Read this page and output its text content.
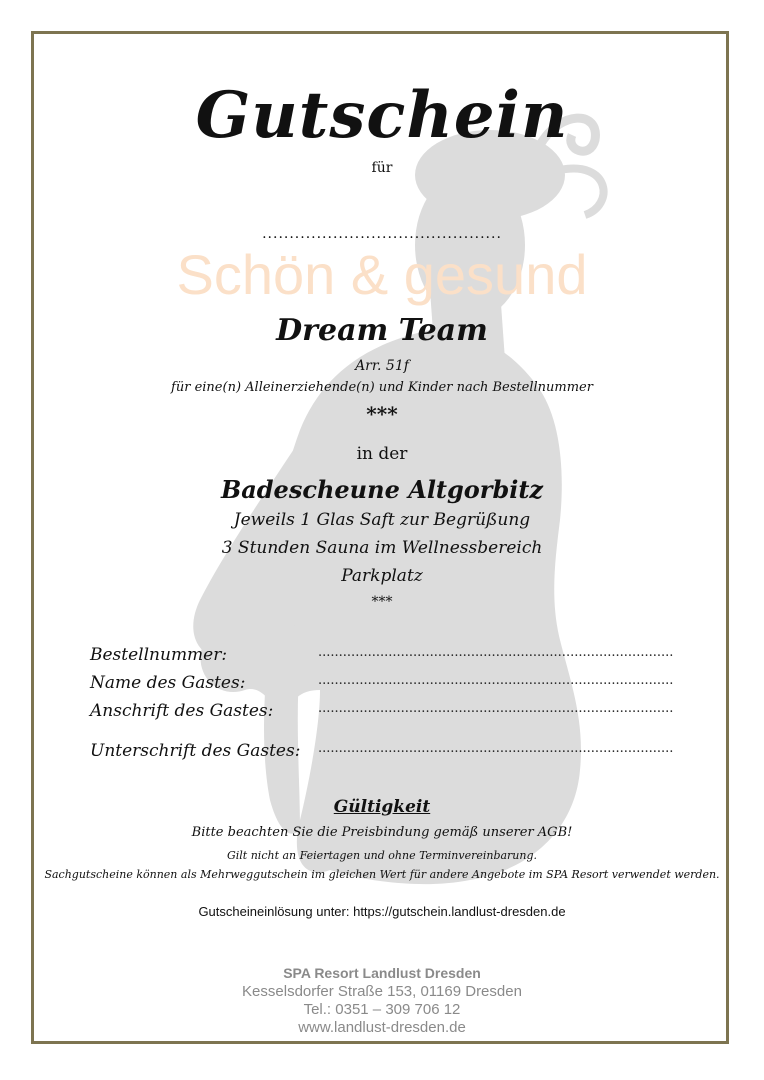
Gutschein
für
............................................
Schön & gesund
Dream Team
Arr. 51f
für eine(n) Alleinerziehende(n) und Kinder nach Bestellnummer
***
in der
Badescheune Altgorbitz
Jeweils 1 Glas Saft zur Begrüßung
3 Stunden Sauna im Wellnessbereich
Parkplatz
***
Bestellnummer:	......................................................................................
Name des Gastes:	......................................................................................
Anschrift des Gastes:	......................................................................................
Unterschrift des Gastes: ......................................................................................
Gültigkeit
Bitte beachten Sie die Preisbindung gemäß unserer AGB!
Gilt nicht an Feiertagen und ohne Terminvereinbarung.
Sachgutscheine können als Mehrweggutschein im gleichen Wert für andere Angebote im SPA Resort verwendet werden.
Gutscheineinlösung unter: https://gutschein.landlust-dresden.de
SPA Resort Landlust Dresden
Kesselsdorfer Straße 153, 01169 Dresden
Tel.: 0351 – 309 706 12
www.landlust-dresden.de
